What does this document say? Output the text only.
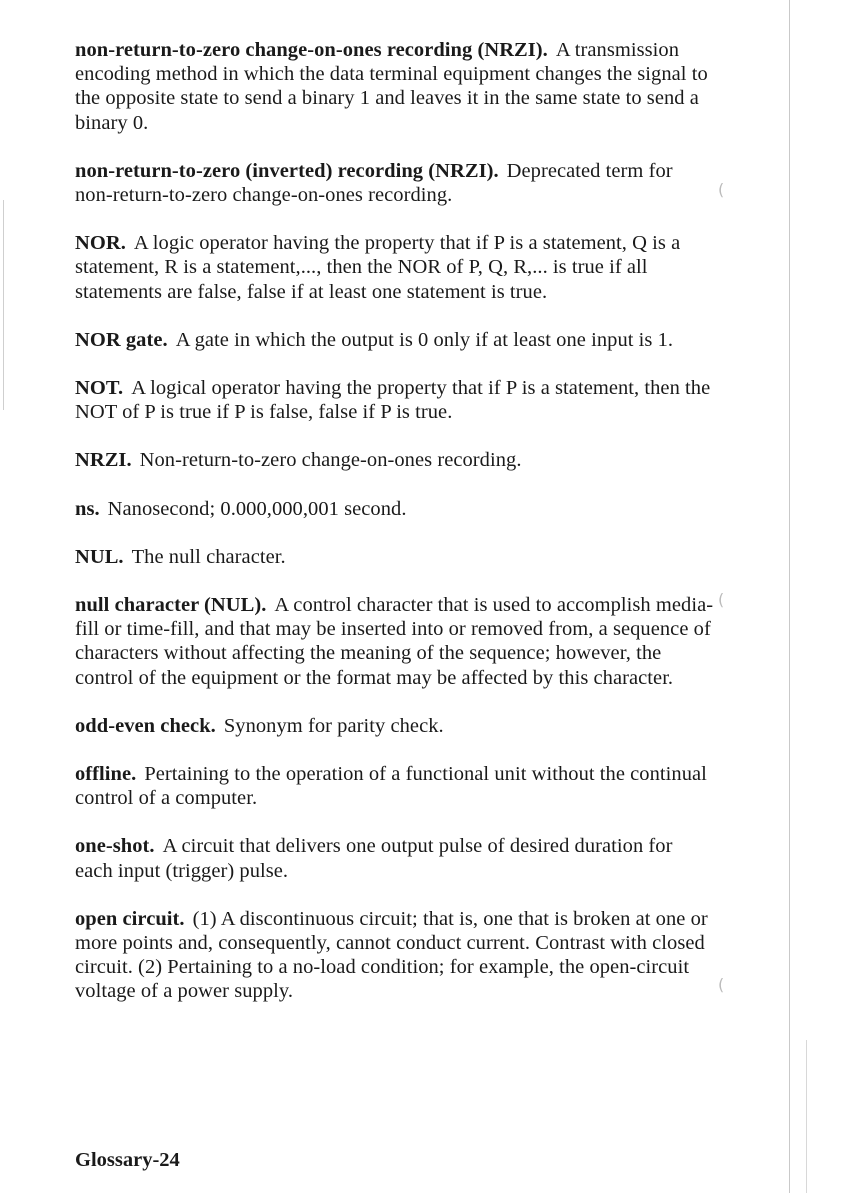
(
(
(

non-return-to-zero change-on-ones recording (NRZI). A transmission encoding method in which the data terminal equipment changes the signal to the opposite state to send a binary 1 and leaves it in the same state to send a binary 0.

non-return-to-zero (inverted) recording (NRZI). Deprecated term for non-return-to-zero change-on-ones recording.

NOR. A logic operator having the property that if P is a statement, Q is a statement, R is a statement,..., then the NOR of P, Q, R,... is true if all statements are false, false if at least one statement is true.

NOR gate. A gate in which the output is 0 only if at least one input is 1.

NOT. A logical operator having the property that if P is a statement, then the NOT of P is true if P is false, false if P is true.

NRZI. Non-return-to-zero change-on-ones recording.

ns. Nanosecond; 0.000,000,001 second.

NUL. The null character.

null character (NUL). A control character that is used to accomplish media-fill or time-fill, and that may be inserted into or removed from, a sequence of characters without affecting the meaning of the sequence; however, the control of the equipment or the format may be affected by this character.

odd-even check. Synonym for parity check.

offline. Pertaining to the operation of a functional unit without the continual control of a computer.

one-shot. A circuit that delivers one output pulse of desired duration for each input (trigger) pulse.

open circuit. (1) A discontinuous circuit; that is, one that is broken at one or more points and, consequently, cannot conduct current. Contrast with closed circuit. (2) Pertaining to a no-load condition; for example, the open-circuit voltage of a power supply.

Glossary-24
